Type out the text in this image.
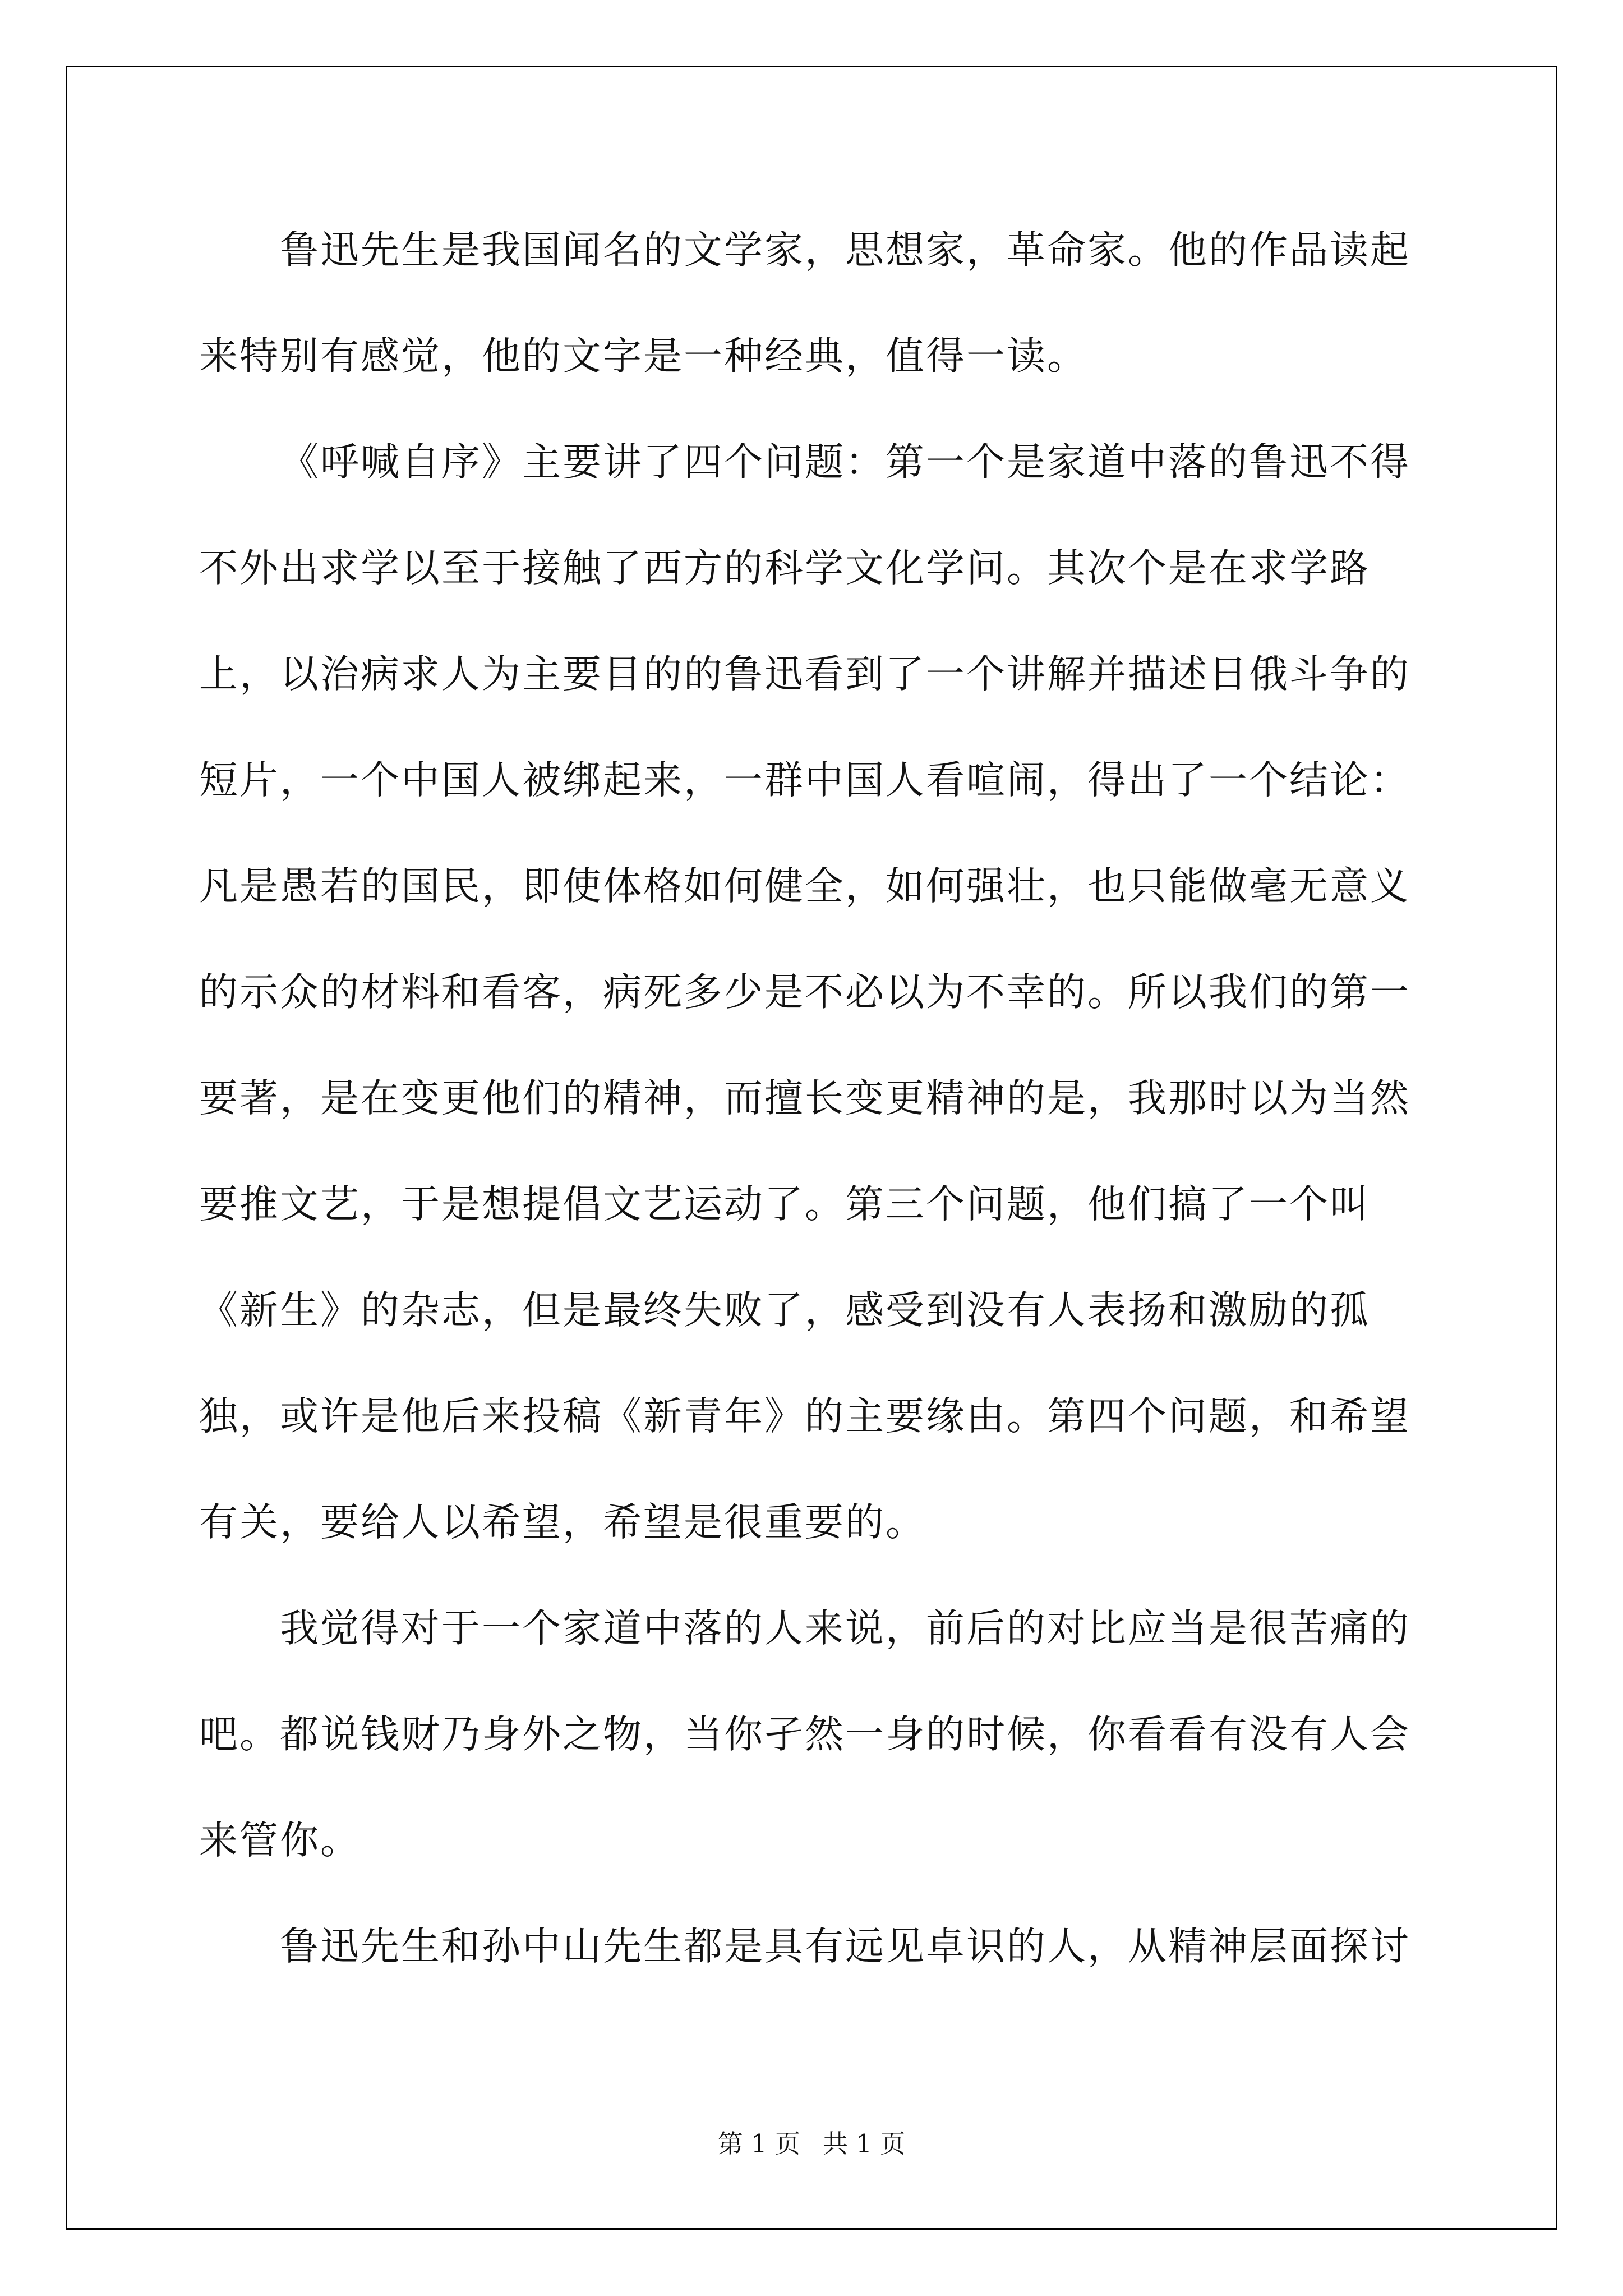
鲁迅先生是我国闻名的文学家，思想家，革命家。他的作品读起来特别有感觉，他的文字是一种经典，值得一读。

《呼喊自序》主要讲了四个问题：第一个是家道中落的鲁迅不得不外出求学以至于接触了西方的科学文化学问。其次个是在求学路上，以治病求人为主要目的的鲁迅看到了一个讲解并描述日俄斗争的短片，一个中国人被绑起来，一群中国人看喧闹，得出了一个结论：凡是愚若的国民，即使体格如何健全，如何强壮，也只能做毫无意义的示众的材料和看客，病死多少是不必以为不幸的。所以我们的第一要著，是在变更他们的精神，而擅长变更精神的是，我那时以为当然要推文艺，于是想提倡文艺运动了。第三个问题，他们搞了一个叫《新生》的杂志，但是最终失败了，感受到没有人表扬和激励的孤独，或许是他后来投稿《新青年》的主要缘由。第四个问题，和希望有关，要给人以希望，希望是很重要的。

我觉得对于一个家道中落的人来说，前后的对比应当是很苦痛的吧。都说钱财乃身外之物，当你孑然一身的时候，你看看有没有人会来管你。

鲁迅先生和孙中山先生都是具有远见卓识的人，从精神层面探讨

第 1 页 共 1 页
